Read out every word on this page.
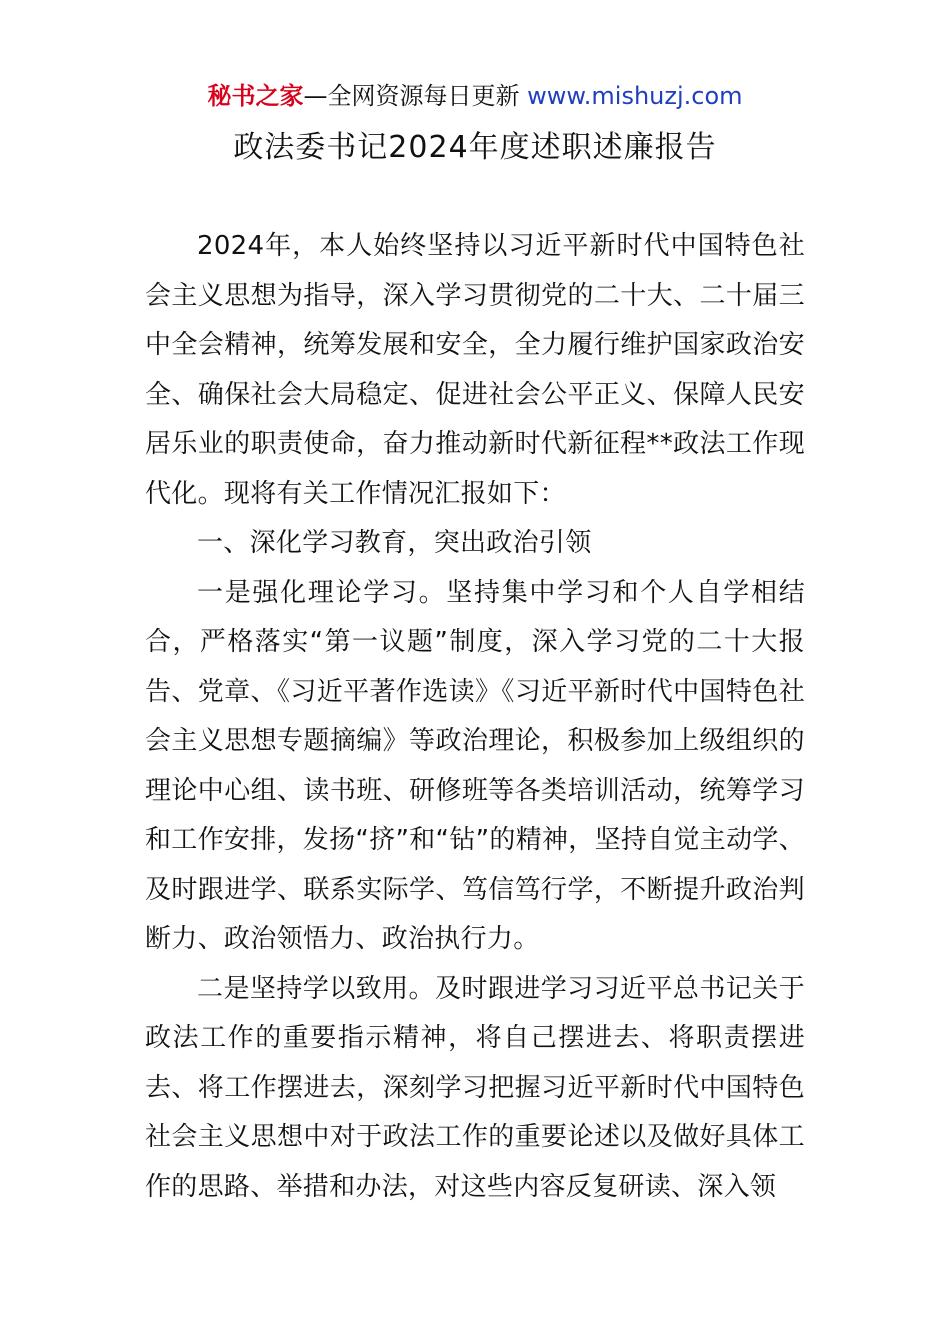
秘书之家—全网资源每日更新 www.mishuzj.com
政法委书记2024年度述职述廉报告

2024年，本人始终坚持以习近平新时代中国特色社会主义思想为指导，深入学习贯彻党的二十大、二十届三中全会精神，统筹发展和安全，全力履行维护国家政治安全、确保社会大局稳定、促进社会公平正义、保障人民安居乐业的职责使命，奋力推动新时代新征程**政法工作现代化。现将有关工作情况汇报如下：

一、深化学习教育，突出政治引领

一是强化理论学习。坚持集中学习和个人自学相结合，严格落实“第一议题”制度，深入学习党的二十大报告、党章、《习近平著作选读》《习近平新时代中国特色社会主义思想专题摘编》等政治理论，积极参加上级组织的理论中心组、读书班、研修班等各类培训活动，统筹学习和工作安排，发扬“挤”和“钻”的精神，坚持自觉主动学、及时跟进学、联系实际学、笃信笃行学，不断提升政治判断力、政治领悟力、政治执行力。

二是坚持学以致用。及时跟进学习习近平总书记关于政法工作的重要指示精神，将自己摆进去、将职责摆进去、将工作摆进去，深刻学习把握习近平新时代中国特色社会主义思想中对于政法工作的重要论述以及做好具体工作的思路、举措和办法，对这些内容反复研读、深入领
